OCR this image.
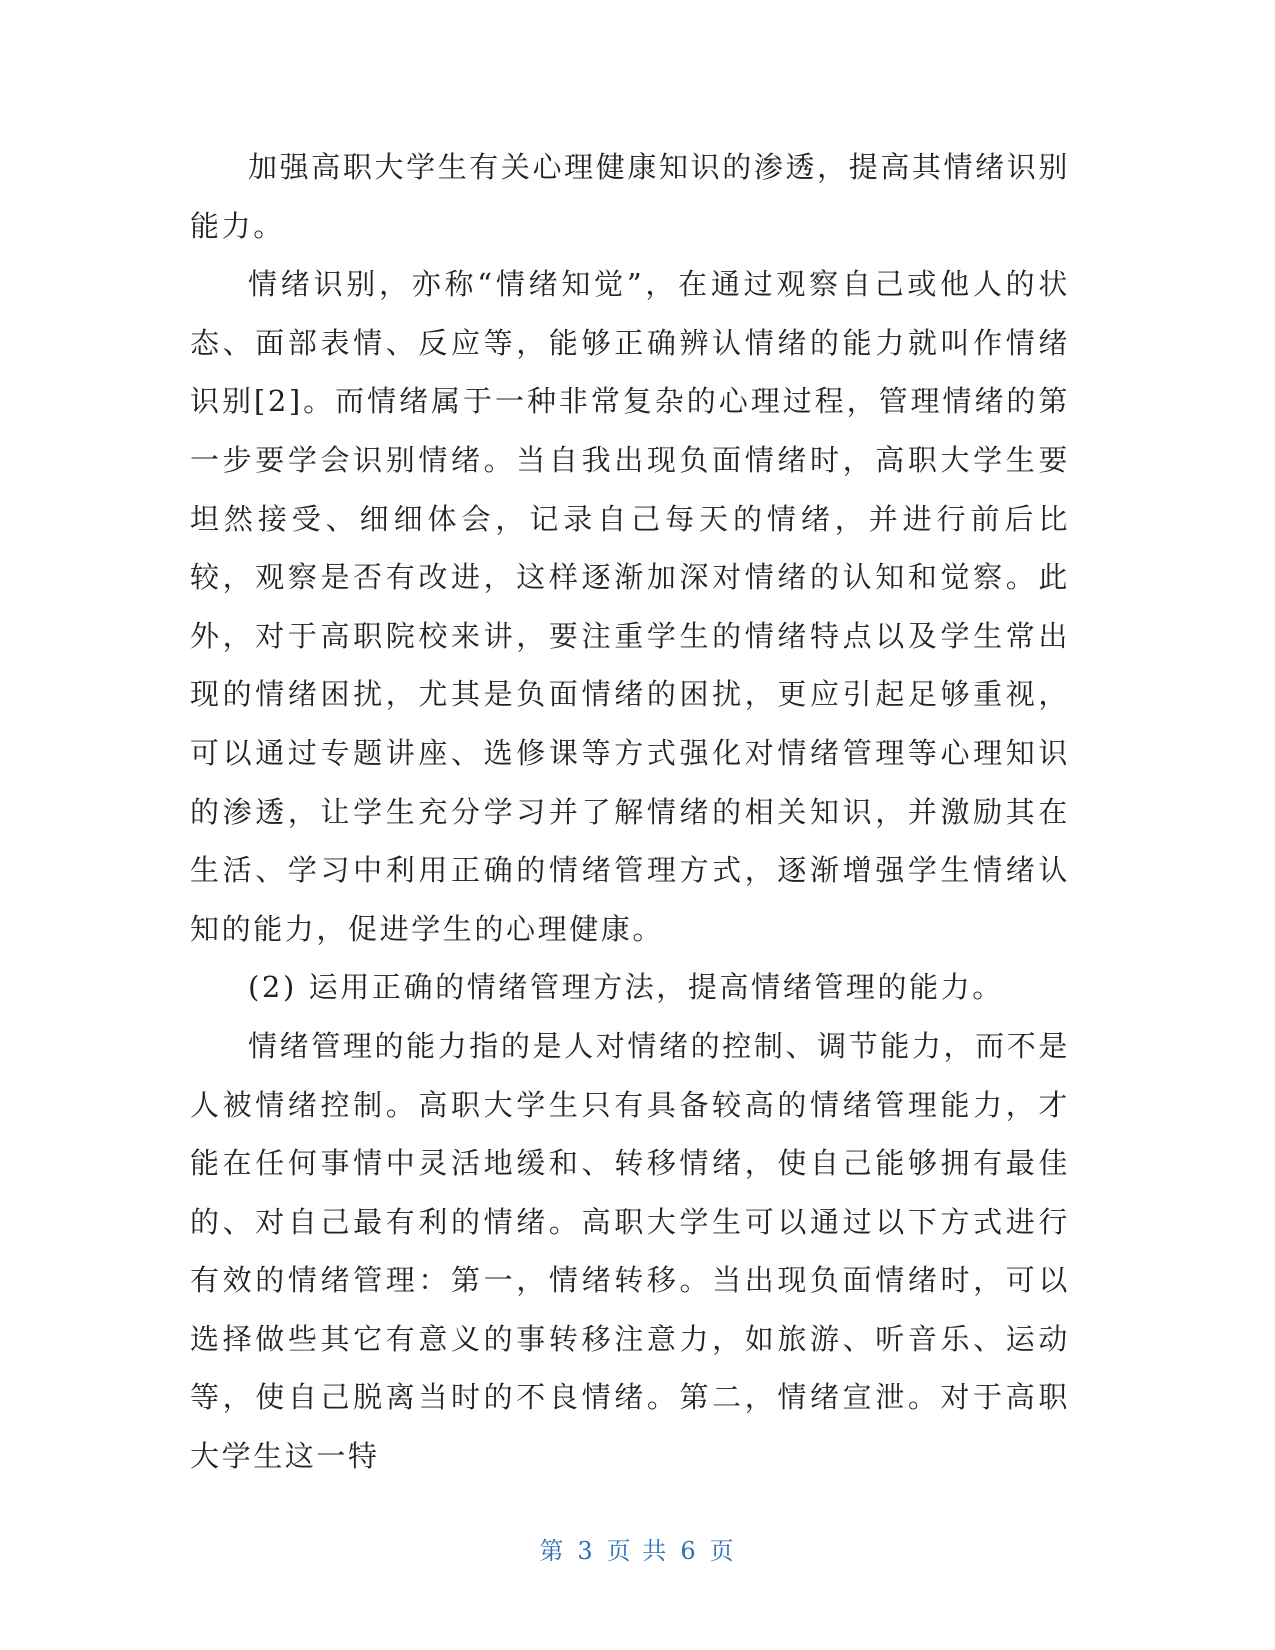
加强高职大学生有关心理健康知识的渗透，提高其情绪识别能力。

情绪识别，亦称“情绪知觉”，在通过观察自己或他人的状态、面部表情、反应等，能够正确辨认情绪的能力就叫作情绪识别[2]。而情绪属于一种非常复杂的心理过程，管理情绪的第一步要学会识别情绪。当自我出现负面情绪时，高职大学生要坦然接受、细细体会，记录自己每天的情绪，并进行前后比较，观察是否有改进，这样逐渐加深对情绪的认知和觉察。此外，对于高职院校来讲，要注重学生的情绪特点以及学生常出现的情绪困扰，尤其是负面情绪的困扰，更应引起足够重视，可以通过专题讲座、选修课等方式强化对情绪管理等心理知识的渗透，让学生充分学习并了解情绪的相关知识，并激励其在生活、学习中利用正确的情绪管理方式，逐渐增强学生情绪认知的能力，促进学生的心理健康。

(2) 运用正确的情绪管理方法，提高情绪管理的能力。

情绪管理的能力指的是人对情绪的控制、调节能力，而不是人被情绪控制。高职大学生只有具备较高的情绪管理能力，才能在任何事情中灵活地缓和、转移情绪，使自己能够拥有最佳的、对自己最有利的情绪。高职大学生可以通过以下方式进行有效的情绪管理：第一，情绪转移。当出现负面情绪时，可以选择做些其它有意义的事转移注意力，如旅游、听音乐、运动等，使自己脱离当时的不良情绪。第二，情绪宣泄。对于高职大学生这一特

第 3 页 共 6 页
